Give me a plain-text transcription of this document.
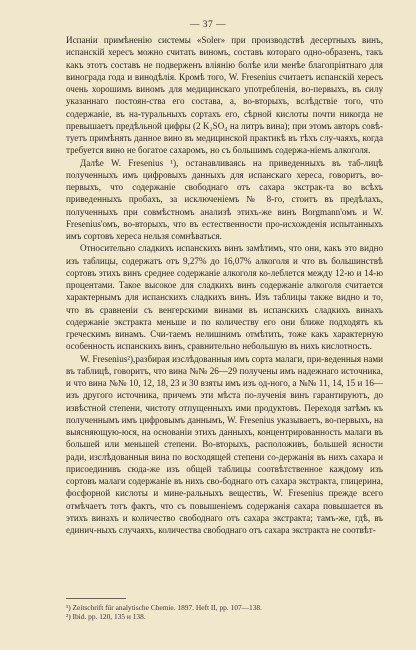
— 37 —

Испанiи примѣненiю системы «Soler» при производствѣ десертныхъ винъ, испанскiй хересъ можно считать виномъ, составъ котораго одно-образенъ, такъ какъ этотъ составъ не подверженъ влiянiю болѣе или менѣе благопрiятнаго для винограда года и винодѣлiя. Кромѣ того, W. Fresenius считаетъ испанскiй хересъ очень хорошимъ виномъ для медицинскаго употребленiя, во-первыхъ, въ силу указаннаго постоян-ства его состава, а, во-вторыхъ, вслѣдствiе того, что содержанiе, въ на-туральныхъ сортахъ его, сѣрной кислоты почти никогда не превышаетъ предѣльной цифры (2 K₂SO₄ на литръ вина); при этомъ авторъ совѣ-туетъ примѣнять данное вино въ медицинской практикѣ въ тѣхъ слу-чаяхъ, когда требуется вино не богатое сахаромъ, но съ большимъ содержа-нiемъ алкоголя.

Далѣе W. Fresenius ¹), останавливаясь на приведенныхъ въ таб-лицѣ полученныхъ имъ цифровыхъ данныхъ для испанскаго хереса, говоритъ, во-первыхъ, что содержанiе свободнаго отъ сахара экстрак-та во всѣхъ приведенныхъ пробахъ, за исключенiемъ № 8-го, стоитъ въ предѣлахъ, полученныхъ при совмѣстномъ анализѣ этихъ-же винъ Borgmann'омъ и W. Fresenius'омъ, во-вторыхъ, что въ естественности про-исхожденiя испытанныхъ имъ сортовъ хереса нельзя сомнѣваться.

Относительно сладкихъ испанскихъ винъ замѣтимъ, что они, какъ это видно изъ таблицы, содержатъ отъ 9,27% до 16,07% алкоголя и что въ большинствѣ сортовъ этихъ винъ среднее содержанiе алкоголя ко-леблется между 12-ю и 14-ю процентами. Такое высокое для сладкихъ винъ содержанiе алкоголя считается характернымъ для испанскихъ сладкихъ винъ. Изъ таблицы также видно и то, что въ сравненiи съ венгерскими винами въ испанскихъ сладкихъ винахъ содержанiе экстракта меньше и по количеству его они ближе подходятъ къ греческимъ винамъ. Счи-таемъ нелишнимъ отмѣтить, тоже какъ характерную особенность испанскихъ винъ, сравнительно небольшую въ нихъ кислотность.

W. Fresenius²),разбирая изслѣдованныя имъ сорта малаги, при-веденныя нами въ таблицѣ, говоритъ, что вина №№ 26—29 получены имъ надежнаго источника, и что вина №№ 10, 12, 18, 23 и 30 взяты имъ изъ од-ного, а №№ 11, 14, 15 и 16—изъ другого источника, причемъ эти мѣста по-лученiя винъ гарантируютъ, до извѣстной степени, чистоту отпущенныхъ ими продуктовъ. Переходя затѣмъ къ полученнымъ имъ цифровымъ даннымъ, W. Fresenius указываетъ, во-первыхъ, на выясняющую-юся, на основанiи этихъ данныхъ, концентрированность малаги въ большей или меньшей степени. Во-вторыхъ, расположивъ, большей ясности ради, изслѣдованныя вина по восходящей степени со-держанiя въ нихъ сахара и присоединивъ сюда-же изъ общей таблицы соотвѣтственное каждому изъ сортовъ малаги содержанiе въ нихъ сво-боднаго отъ сахара экстракта, глицерина, фосфорной кислоты и мине-ральныхъ веществъ, W. Fresenius прежде всего отмѣчаетъ тотъ фактъ, что съ повышенiемъ содержанiя сахара повышается въ этихъ винахъ и количество свободнаго отъ сахара экстракта; тамъ-же, гдѣ, въ единич-ныхъ случаяхъ, количества свободнаго отъ сахара экстракта не соотвѣт-

¹) Zeitschrift für analytische Chemie. 1897. Heft II, pp. 107—138.
²) Ibid. pp. 120, 135 и 138.
